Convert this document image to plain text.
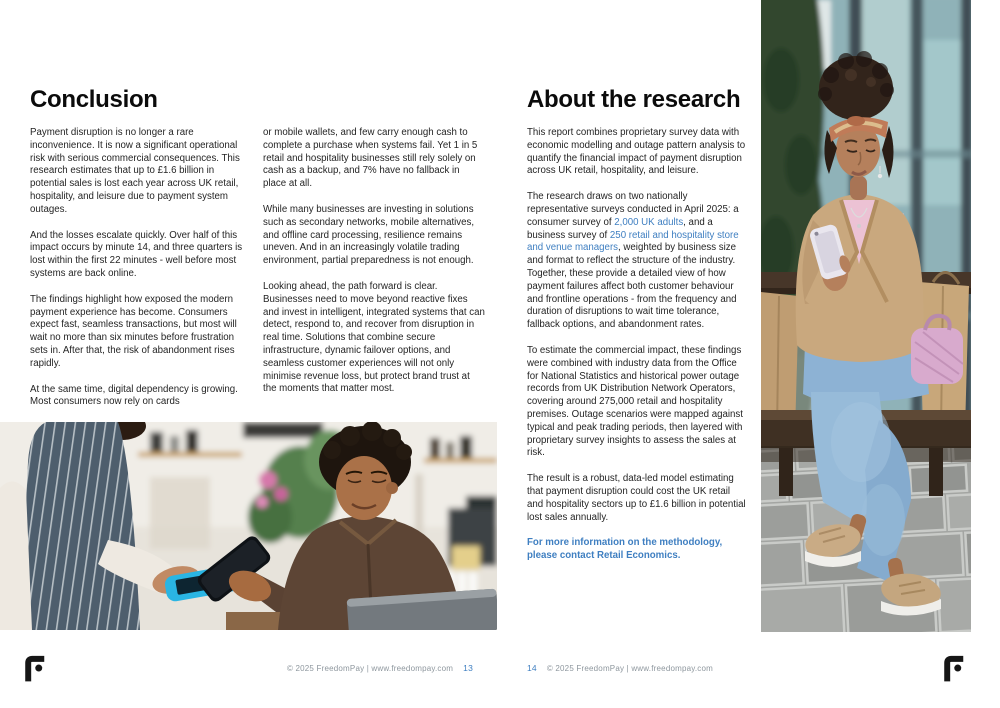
Conclusion

Payment disruption is no longer a rare inconvenience. It is now a significant operational risk with serious commercial consequences. This research estimates that up to £1.6 billion in potential sales is lost each year across UK retail, hospitality, and leisure due to payment system outages.

And the losses escalate quickly. Over half of this impact occurs by minute 14, and three quarters is lost within the first 22 minutes - well before most systems are back online.

The findings highlight how exposed the modern payment experience has become. Consumers expect fast, seamless transactions, but most will wait no more than six minutes before frustration sets in. After that, the risk of abandonment rises rapidly.

At the same time, digital dependency is growing. Most consumers now rely on cards

or mobile wallets, and few carry enough cash to complete a purchase when systems fail. Yet 1 in 5 retail and hospitality businesses still rely solely on cash as a backup, and 7% have no fallback in place at all.

While many businesses are investing in solutions such as secondary networks, mobile alternatives, and offline card processing, resilience remains uneven. And in an increasingly volatile trading environment, partial preparedness is not enough.

Looking ahead, the path forward is clear. Businesses need to move beyond reactive fixes and invest in intelligent, integrated systems that can detect, respond to, and recover from disruption in real time. Solutions that combine secure infrastructure, dynamic failover options, and seamless customer experiences will not only minimise revenue loss, but protect brand trust at the moments that matter most.

About the research

This report combines proprietary survey data with economic modelling and outage pattern analysis to quantify the financial impact of payment disruption across UK retail, hospitality, and leisure.

The research draws on two nationally representative surveys conducted in April 2025: a consumer survey of 2,000 UK adults, and a business survey of 250 retail and hospitality store and venue managers, weighted by business size and format to reflect the structure of the industry. Together, these provide a detailed view of how payment failures affect both customer behaviour and frontline operations - from the frequency and duration of disruptions to wait time tolerance, fallback options, and abandonment rates.

To estimate the commercial impact, these findings were combined with industry data from the Office for National Statistics and historical power outage records from UK Distribution Network Operators, covering around 275,000 retail and hospitality premises. Outage scenarios were mapped against typical and peak trading periods, then layered with proprietary survey insights to assess the sales at risk.

The result is a robust, data-led model estimating that payment disruption could cost the UK retail and hospitality sectors up to £1.6 billion in potential lost sales annually.

For more information on the methodology, please contact Retail Economics.

© 2025 FreedomPay | www.freedompay.com 13	14 © 2025 FreedomPay | www.freedompay.com
